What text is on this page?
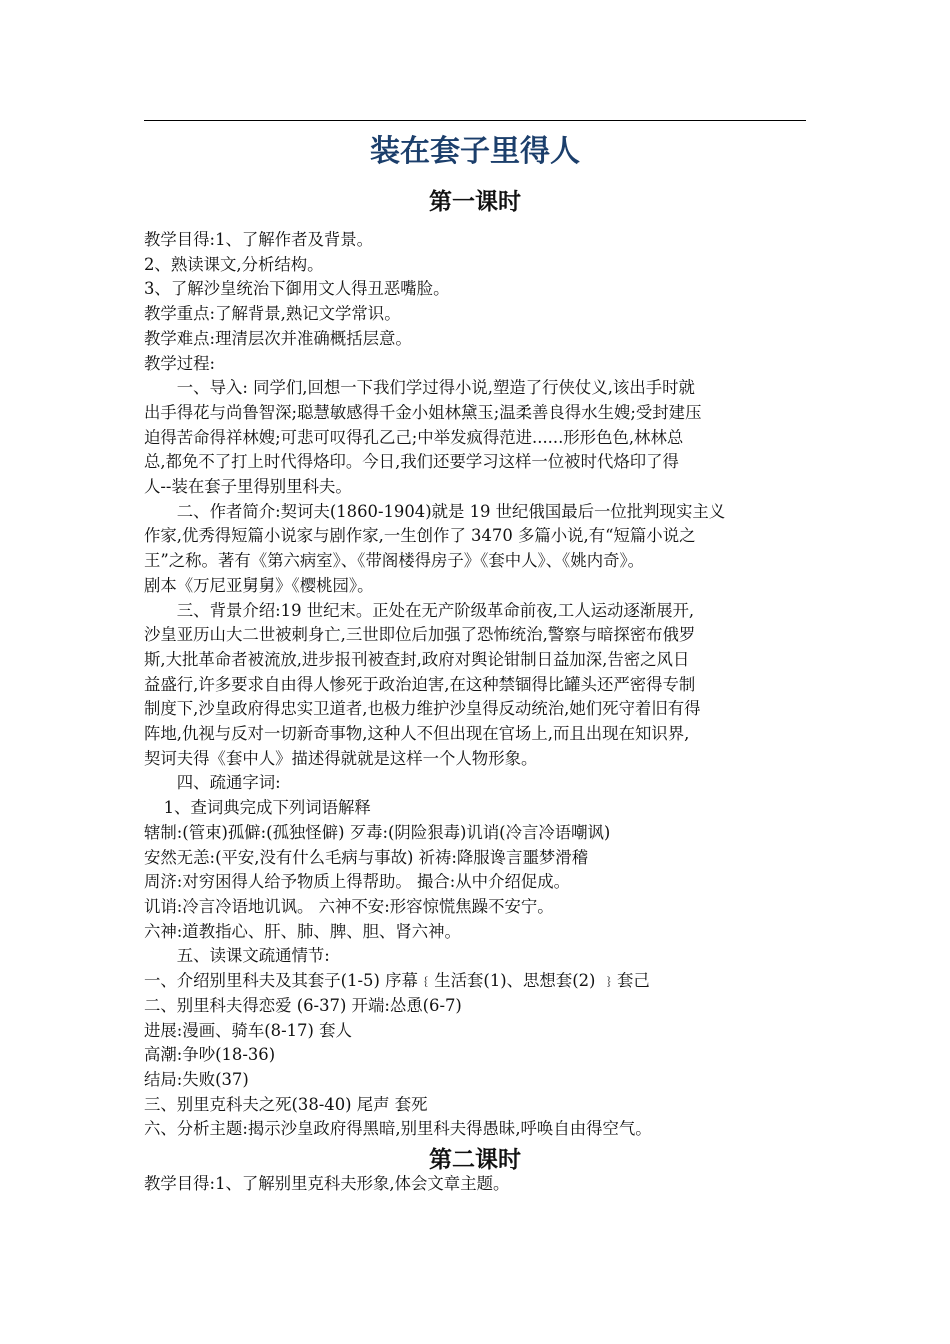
装在套子里得人
第一课时

教学目得:1、了解作者及背景。

2、熟读课文,分析结构。

3、了解沙皇统治下御用文人得丑恶嘴脸。

教学重点:了解背景,熟记文学常识。

教学难点:理清层次并准确概括层意。

教学过程:

一、导入: 同学们,回想一下我们学过得小说,塑造了行侠仗义,该出手时就

出手得花与尚鲁智深;聪慧敏感得千金小姐林黛玉;温柔善良得水生嫂;受封建压

迫得苦命得祥林嫂;可悲可叹得孔乙己;中举发疯得范进......形形色色,林林总

总,都免不了打上时代得烙印。今日,我们还要学习这样一位被时代烙印了得

人--装在套子里得别里科夫。

二、作者简介:契诃夫(1860-1904)就是 19 世纪俄国最后一位批判现实主义

作家,优秀得短篇小说家与剧作家,一生创作了 3470 多篇小说,有“短篇小说之

王”之称。著有《第六病室》、《带阁楼得房子》《套中人》、《姚内奇》。

剧本《万尼亚舅舅》《樱桃园》。

三、背景介绍:19 世纪末。正处在无产阶级革命前夜,工人运动逐渐展开,

沙皇亚历山大二世被刺身亡,三世即位后加强了恐怖统治,警察与暗探密布俄罗

斯,大批革命者被流放,进步报刊被查封,政府对舆论钳制日益加深,告密之风日

益盛行,许多要求自由得人惨死于政治迫害,在这种禁锢得比罐头还严密得专制

制度下,沙皇政府得忠实卫道者,也极力维护沙皇得反动统治,她们死守着旧有得

阵地,仇视与反对一切新奇事物,这种人不但出现在官场上,而且出现在知识界,

契诃夫得《套中人》描述得就就是这样一个人物形象。

四、疏通字词:

1、查词典完成下列词语解释

辖制:(管束)孤僻:(孤独怪僻) 歹毒:(阴险狠毒)讥诮(冷言冷语嘲讽)

安然无恙:(平安,没有什么毛病与事故) 祈祷:降服谗言噩梦滑稽

周济:对穷困得人给予物质上得帮助。 撮合:从中介绍促成。

讥诮:冷言冷语地讥讽。 六神不安:形容惊慌焦躁不安宁。

六神:道教指心、肝、肺、脾、胆、肾六神。

五、读课文疏通情节:

一、介绍别里科夫及其套子(1-5) 序幕﹛生活套(1)、思想套(2) ﹜套己

二、别里科夫得恋爱 (6-37) 开端:怂恿(6-7)

进展:漫画、骑车(8-17) 套人

高潮:争吵(18-36)

结局:失败(37)

三、别里克科夫之死(38-40) 尾声 套死

六、分析主题:揭示沙皇政府得黑暗,别里科夫得愚昧,呼唤自由得空气。

第二课时

教学目得:1、了解别里克科夫形象,体会文章主题。
